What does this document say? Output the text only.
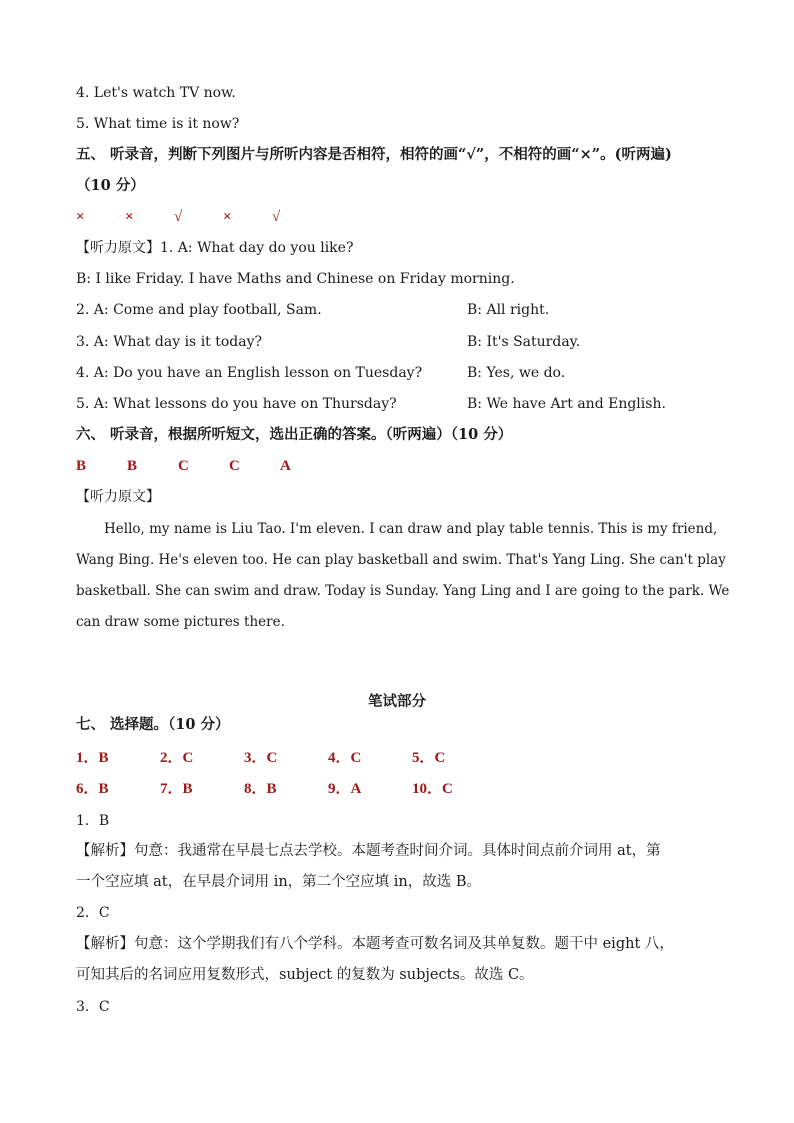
4. Let's watch TV now.
5. What time is it now?
五、 听录音，判断下列图片与所听内容是否相符，相符的画“√”，不相符的画“×”。(听两遍)
（10 分）
×	×	√	×	√
【听力原文】1. A: What day do you like?
B: I like Friday. I have Maths and Chinese on Friday morning.
2. A: Come and play football, Sam.	B: All right.
3. A: What day is it today?	B: It's Saturday.
4. A: Do you have an English lesson on Tuesday?	B: Yes, we do.
5. A: What lessons do you have on Thursday?	B: We have Art and English.
六、 听录音，根据所听短文，选出正确的答案。（听两遍）（10 分）
B	B	C	C	A
【听力原文】
Hello, my name is Liu Tao. I'm eleven. I can draw and play table tennis. This is my friend,
Wang Bing. He's eleven too. He can play basketball and swim. That's Yang Ling. She can't play
basketball. She can swim and draw. Today is Sunday. Yang Ling and I are going to the park. We
can draw some pictures there.
笔试部分
七、 选择题。（10 分）
1．B	2．C	3．C	4．C	5．C
6．B	7．B	8．B	9．A	10．C
1．B
【解析】句意：我通常在早晨七点去学校。本题考查时间介词。具体时间点前介词用 at，第
一个空应填 at，在早晨介词用 in，第二个空应填 in，故选 B。
2．C
【解析】句意：这个学期我们有八个学科。本题考查可数名词及其单复数。题干中 eight 八，
可知其后的名词应用复数形式，subject 的复数为 subjects。故选 C。
3．C
